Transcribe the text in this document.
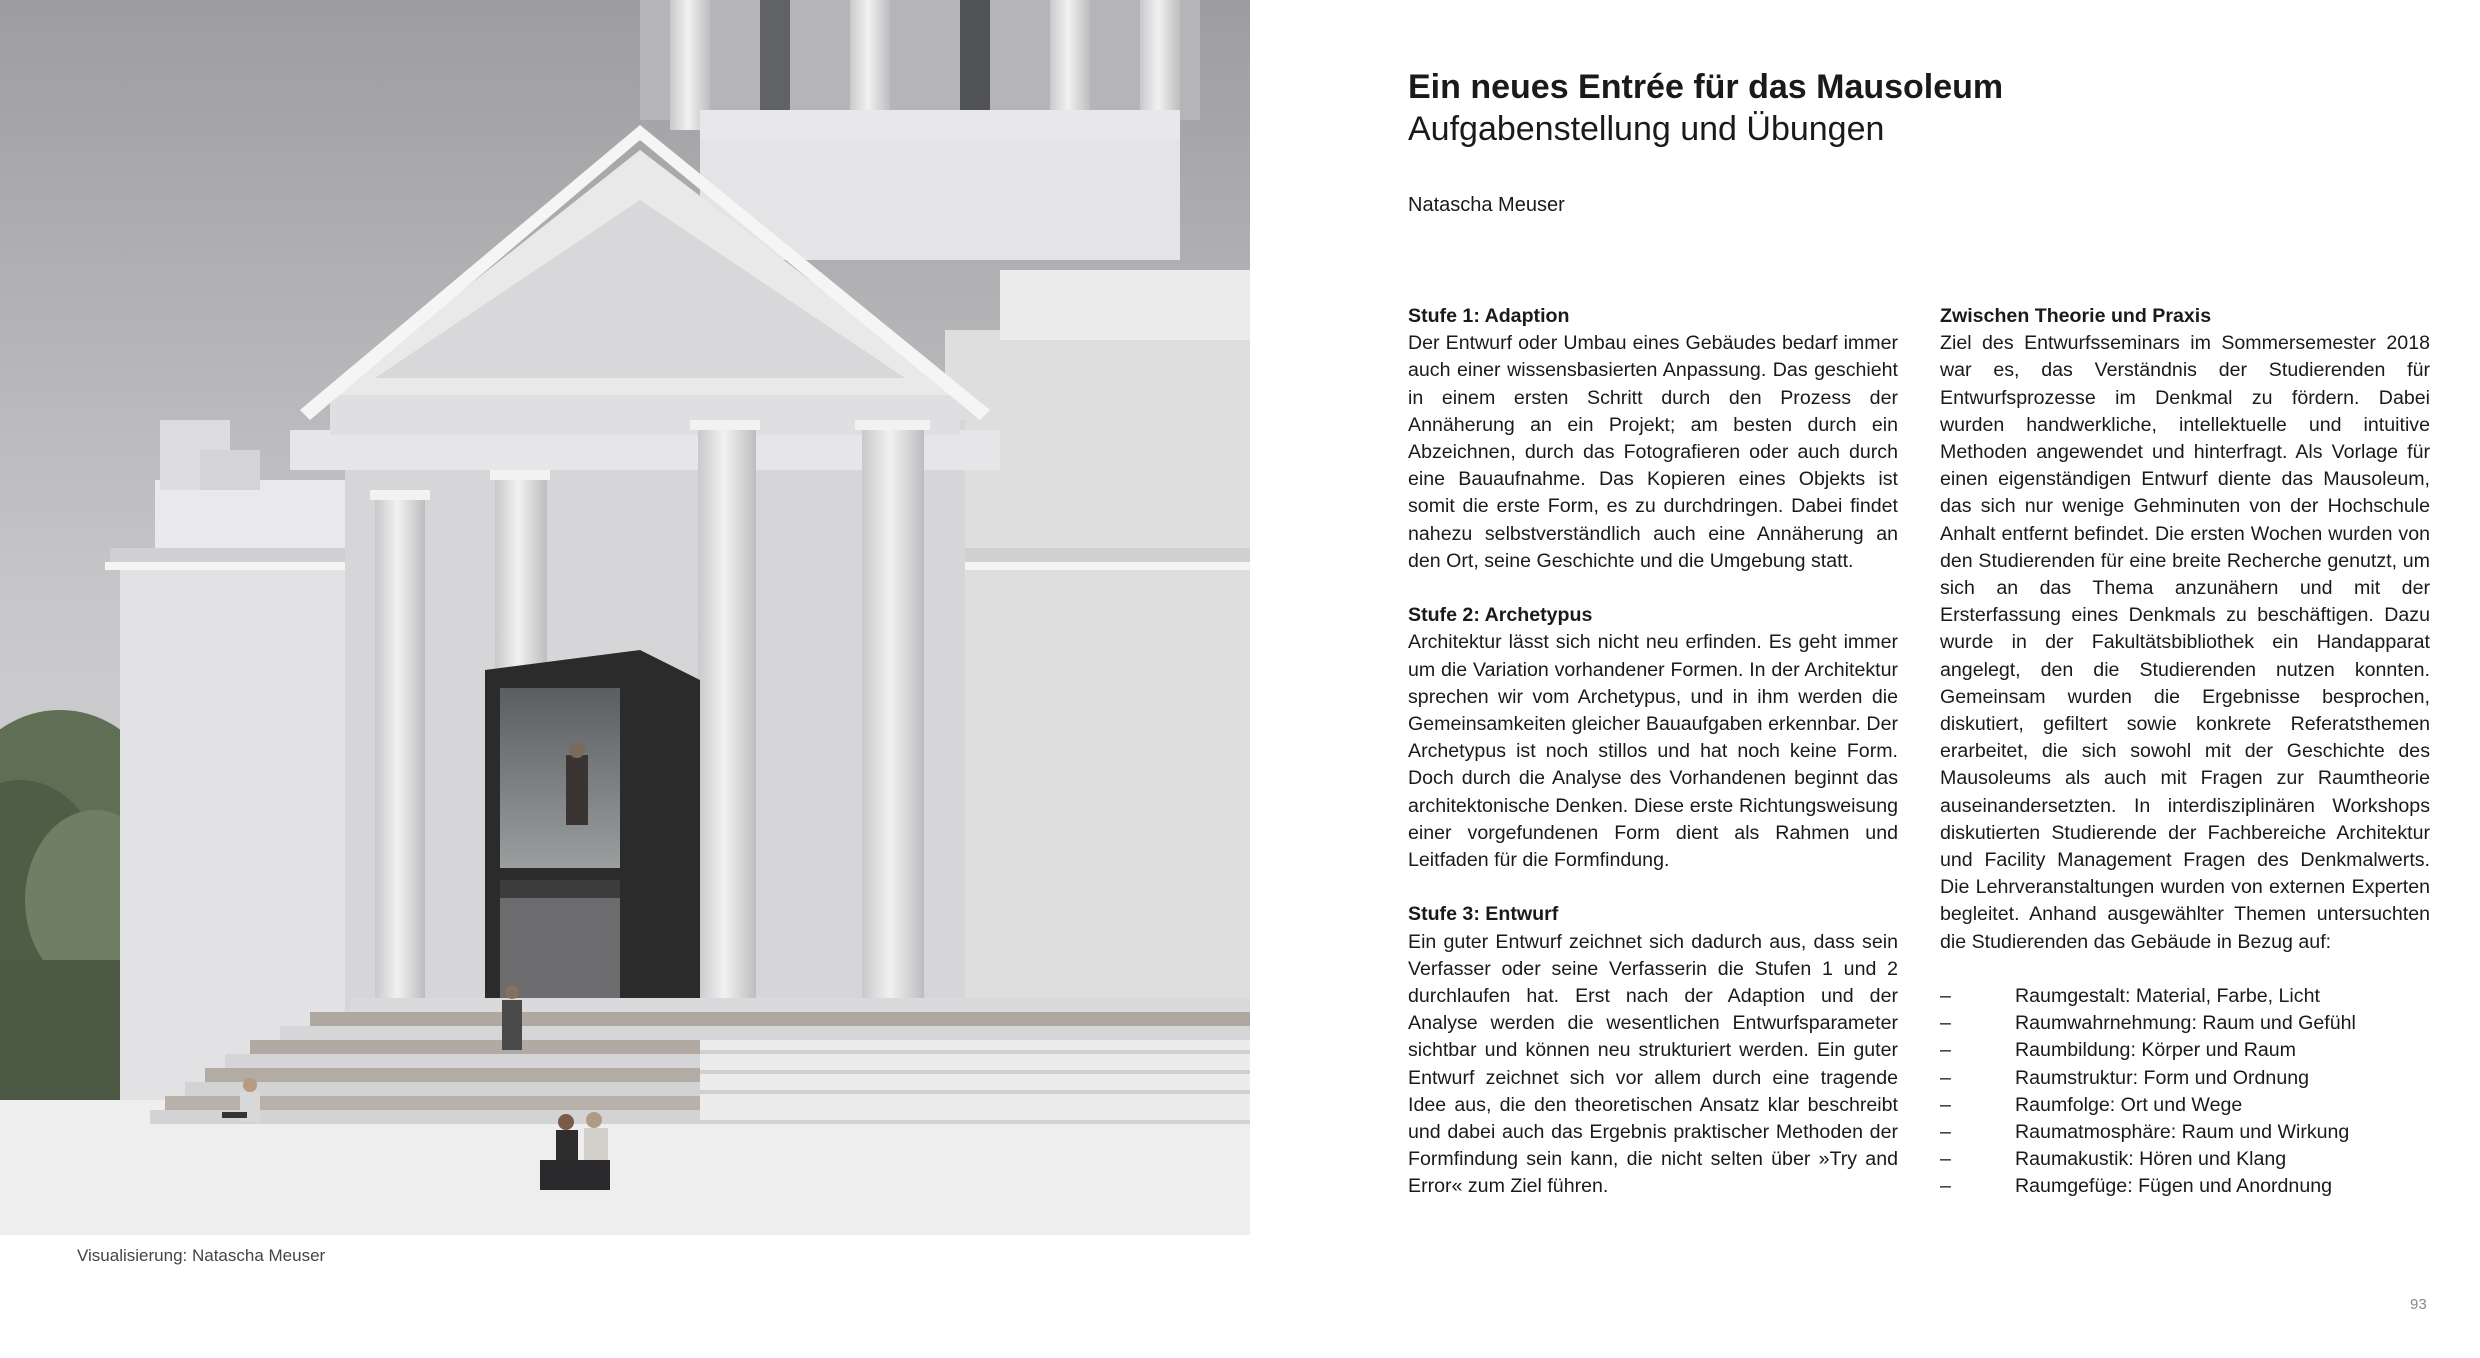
Visualisierung: Natascha Meuser
Ein neues Entrée für das Mausoleum
Aufgabenstellung und Übungen
Natascha Meuser
Stufe 1: Adaption

Der Entwurf oder Umbau eines Gebäudes bedarf immer auch einer wissensbasierten Anpassung. Das geschieht in einem ersten Schritt durch den Prozess der Annäherung an ein Projekt; am besten durch ein Abzeichnen, durch das Fotografieren oder auch durch eine Bauaufnahme. Das Kopieren eines Objekts ist somit die erste Form, es zu durchdringen. Dabei findet nahezu selbstverständlich auch eine Annäherung an den Ort, seine Geschichte und die Umgebung statt.

Stufe 2: Archetypus

Architektur lässt sich nicht neu erfinden. Es geht immer um die Variation vorhandener Formen. In der Architektur sprechen wir vom Archetypus, und in ihm werden die Gemeinsamkeiten gleicher Bauaufgaben erkennbar. Der Archetypus ist noch stillos und hat noch keine Form. Doch durch die Analyse des Vorhandenen beginnt das architektonische Denken. Diese erste Richtungsweisung einer vorgefundenen Form dient als Rahmen und Leitfaden für die Formfindung.

Stufe 3: Entwurf

Ein guter Entwurf zeichnet sich dadurch aus, dass sein Verfasser oder seine Verfasserin die Stufen 1 und 2 durchlaufen hat. Erst nach der Adaption und der Analyse werden die wesentlichen Entwurfsparameter sichtbar und können neu strukturiert werden. Ein guter Entwurf zeichnet sich vor allem durch eine tragende Idee aus, die den theoretischen Ansatz klar beschreibt und dabei auch das Ergebnis praktischer Methoden der Formfindung sein kann, die nicht selten über »Try and Error« zum Ziel führen.

Zwischen Theorie und Praxis

Ziel des Entwurfsseminars im Sommersemester 2018 war es, das Verständnis der Studierenden für Entwurfsprozesse im Denkmal zu fördern. Dabei wurden handwerkliche, intellektuelle und intuitive Methoden angewendet und hinterfragt. Als Vorlage für einen eigenständigen Entwurf diente das Mausoleum, das sich nur wenige Gehminuten von der Hochschule Anhalt entfernt befindet. Die ersten Wochen wurden von den Studierenden für eine breite Recherche genutzt, um sich an das Thema anzunähern und mit der Ersterfassung eines Denkmals zu beschäftigen. Dazu wurde in der Fakultätsbibliothek ein Handapparat angelegt, den die Studierenden nutzen konnten. Gemeinsam wurden die Ergebnisse besprochen, diskutiert, gefiltert sowie konkrete Referatsthemen erarbeitet, die sich sowohl mit der Geschichte des Mausoleums als auch mit Fragen zur Raumtheorie auseinandersetzten. In interdisziplinären Workshops diskutierten Studierende der Fachbereiche Architektur und Facility Management Fragen des Denkmalwerts. Die Lehrveranstaltungen wurden von externen Experten begleitet. Anhand ausgewählter Themen untersuchten die Studierenden das Gebäude in Bezug auf:

–	Raumgestalt: Material, Farbe, Licht
–	Raumwahrnehmung: Raum und Gefühl
–	Raumbildung: Körper und Raum
–	Raumstruktur: Form und Ordnung
–	Raumfolge: Ort und Wege
–	Raumatmosphäre: Raum und Wirkung
–	Raumakustik: Hören und Klang
–	Raumgefüge: Fügen und Anordnung
93
